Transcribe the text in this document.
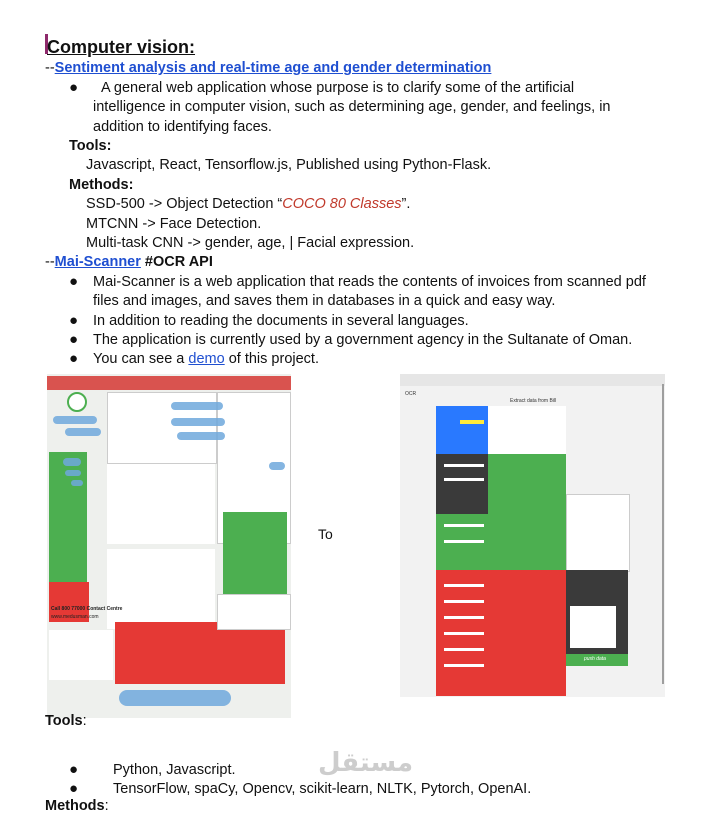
Computer vision:
--Sentiment analysis and real-time age and gender determination
● A general web application whose purpose is to clarify some of the artificial
intelligence in computer vision, such as determining age, gender, and feelings, in
addition to identifying faces.
Tools:
Javascript, React, Tensorflow.js, Published using Python-Flask.
Methods:
SSD-500 -> Object Detection “COCO 80 Classes”.
MTCNN -> Face Detection.
Multi-task CNN -> gender, age, | Facial expression.
--Mai-Scanner #OCR API
● Mai-Scanner is a web application that reads the contents of invoices from scanned pdf
files and images, and saves them in databases in a quick and easy way.
● In addition to reading the documents in several languages.
● The application is currently used by a government agency in the Sultanate of Oman.
● You can see a demo of this project.
Call 800 77000 Contact Centre
www.medusman.com
To
OCR
Extract data from Bill
push data
Tools:
● Python, Javascript.
● TensorFlow, spaCy, Opencv, scikit-learn, NLTK, Pytorch, OpenAI.
Methods:
مستقل
